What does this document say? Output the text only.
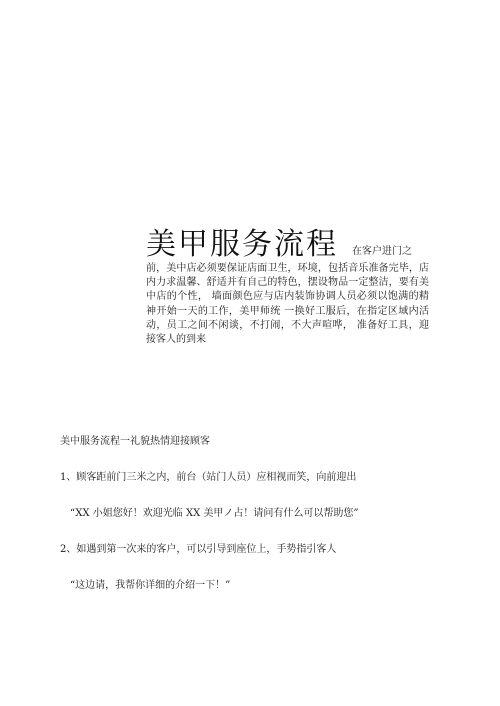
美甲服务流程 在客户进门之
前，美中店必须要保证店面卫生，环境，包括音乐准备完毕，店 内力求温馨、舒适并有自己的特色，摆设物品一定整洁，要有美中店的个性， 墙面颜色应与店内装饰协调人员必须以饱满的精神开始一天的工作，美甲师统 一换好工服后，在指定区域内活动，员工之间不闲谈，不打闹，不大声喧哗， 准备好工具，迎接客人的到来
美中服务流程一礼貌热情迎接顾客
1、顾客距前门三米之内，前台（站门人员）应相视而笑，向前迎出
“XX 小姐您好！欢迎光临 XX 美甲ノ占！请问有什么可以帮助您”
2、如遇到第一次来的客户，可以引导到座位上，手势指引客人
“这边请，我帮你详细的介绍一下！”
